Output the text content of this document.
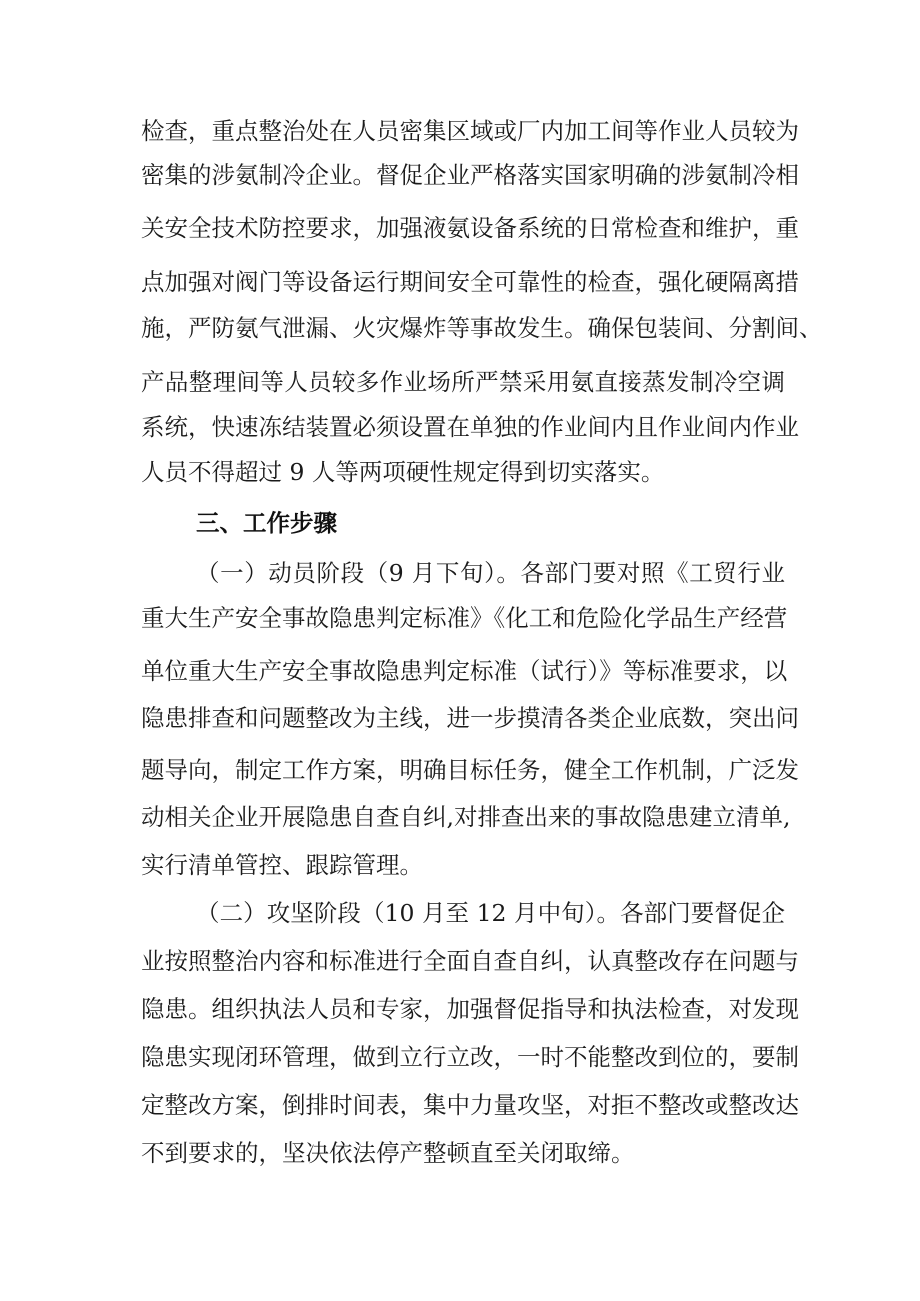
检查，重点整治处在人员密集区域或厂内加工间等作业人员较为
密集的涉氨制冷企业。督促企业严格落实国家明确的涉氨制冷相
关安全技术防控要求，加强液氨设备系统的日常检查和维护，重
点加强对阀门等设备运行期间安全可靠性的检查，强化硬隔离措
施，严防氨气泄漏、火灾爆炸等事故发生。确保包装间、分割间、
产品整理间等人员较多作业场所严禁采用氨直接蒸发制冷空调
系统，快速冻结装置必须设置在单独的作业间内且作业间内作业
人员不得超过 9 人等两项硬性规定得到切实落实。
三、工作步骤
（一）动员阶段（9 月下旬）。各部门要对照《工贸行业
重大生产安全事故隐患判定标准》《化工和危险化学品生产经营
单位重大生产安全事故隐患判定标准（试行）》等标准要求，以
隐患排查和问题整改为主线，进一步摸清各类企业底数，突出问
题导向，制定工作方案，明确目标任务，健全工作机制，广泛发
动相关企业开展隐患自查自纠,对排查出来的事故隐患建立清单,
实行清单管控、跟踪管理。
（二）攻坚阶段（10 月至 12 月中旬）。各部门要督促企
业按照整治内容和标准进行全面自查自纠，认真整改存在问题与
隐患。组织执法人员和专家，加强督促指导和执法检查，对发现
隐患实现闭环管理，做到立行立改，一时不能整改到位的，要制
定整改方案，倒排时间表，集中力量攻坚，对拒不整改或整改达
不到要求的，坚决依法停产整顿直至关闭取缔。
